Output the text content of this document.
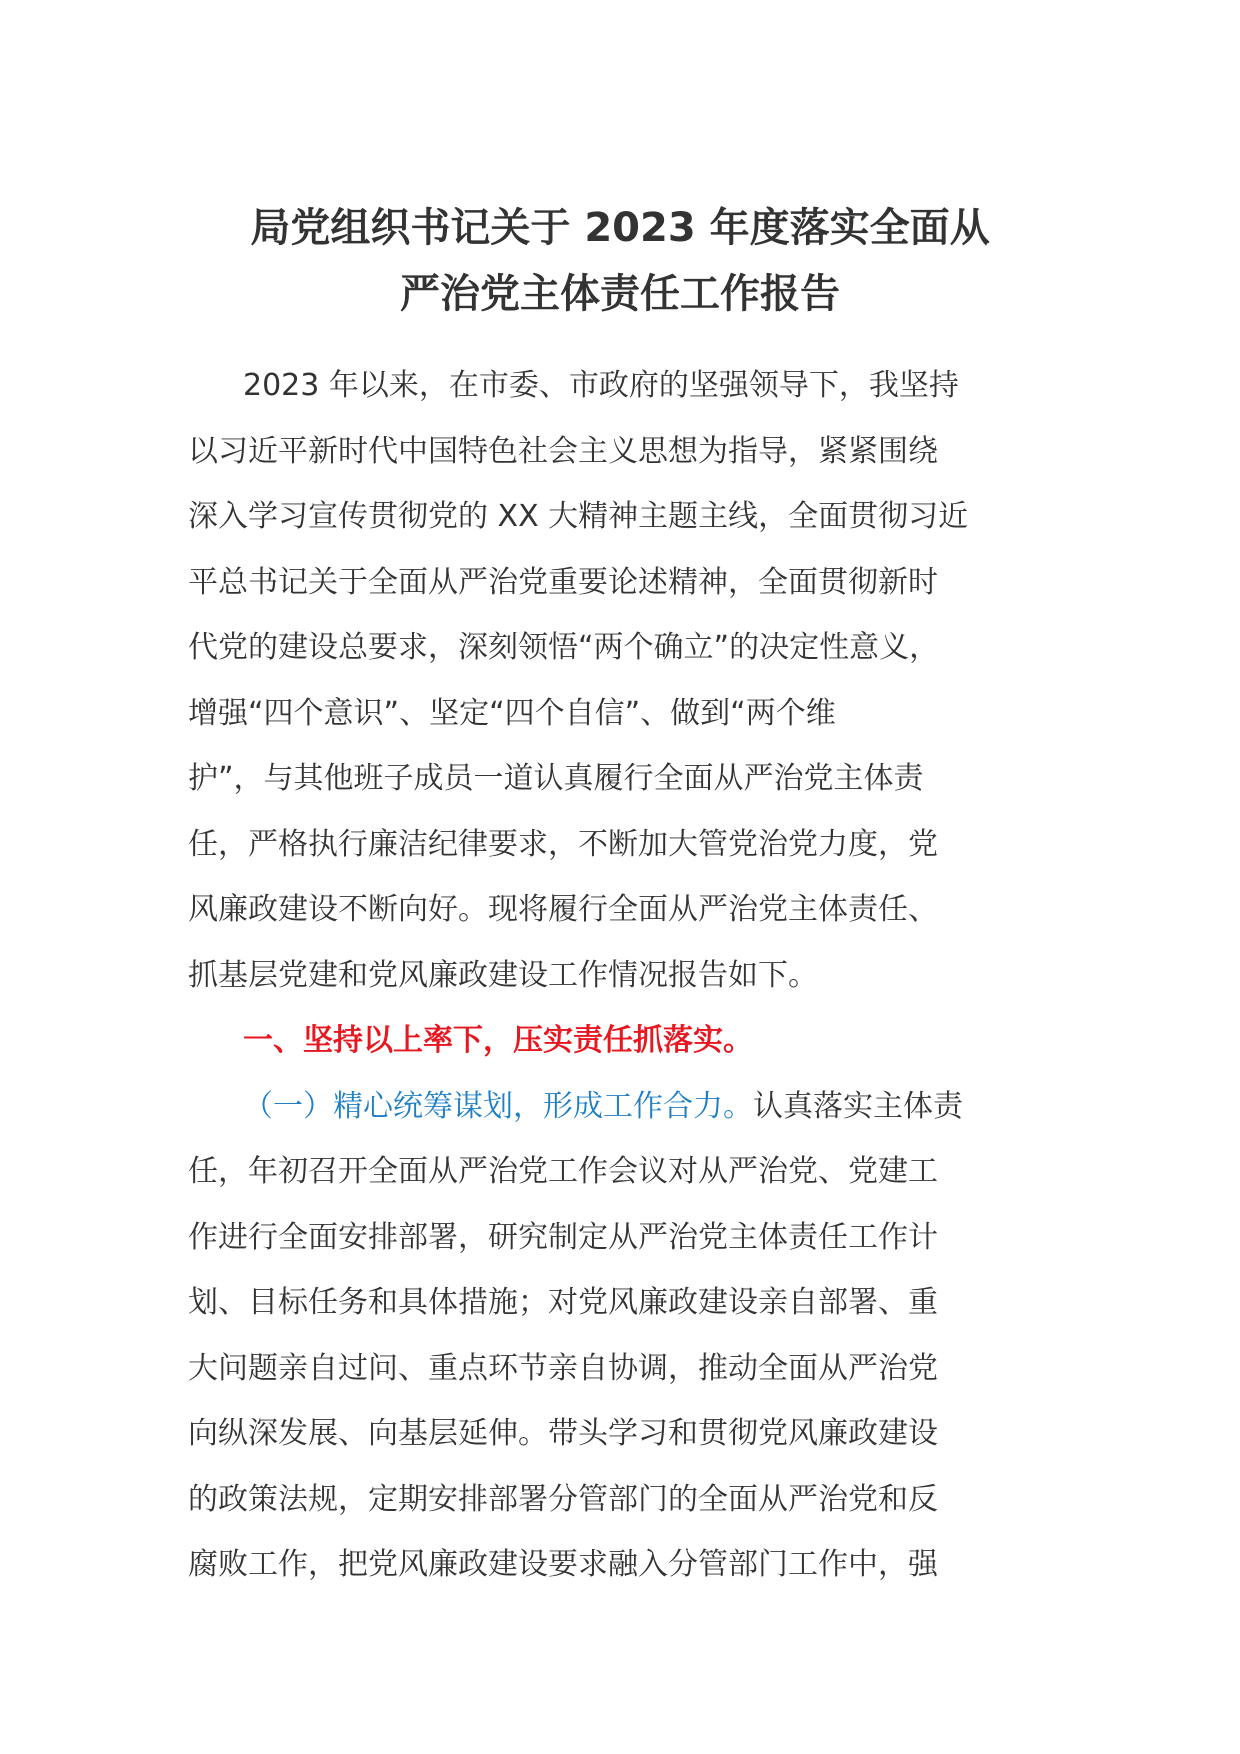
局党组织书记关于 2023 年度落实全面从
严治党主体责任工作报告
2023 年以来，在市委、市政府的坚强领导下，我坚持
以习近平新时代中国特色社会主义思想为指导，紧紧围绕
深入学习宣传贯彻党的 XX 大精神主题主线，全面贯彻习近
平总书记关于全面从严治党重要论述精神，全面贯彻新时
代党的建设总要求，深刻领悟“两个确立”的决定性意义，
增强“四个意识”、坚定“四个自信”、做到“两个维
护”，与其他班子成员一道认真履行全面从严治党主体责
任，严格执行廉洁纪律要求，不断加大管党治党力度，党
风廉政建设不断向好。现将履行全面从严治党主体责任、
抓基层党建和党风廉政建设工作情况报告如下。
一、坚持以上率下，压实责任抓落实。
（一）精心统筹谋划，形成工作合力。认真落实主体责
任，年初召开全面从严治党工作会议对从严治党、党建工
作进行全面安排部署，研究制定从严治党主体责任工作计
划、目标任务和具体措施；对党风廉政建设亲自部署、重
大问题亲自过问、重点环节亲自协调，推动全面从严治党
向纵深发展、向基层延伸。带头学习和贯彻党风廉政建设
的政策法规，定期安排部署分管部门的全面从严治党和反
腐败工作，把党风廉政建设要求融入分管部门工作中，强
